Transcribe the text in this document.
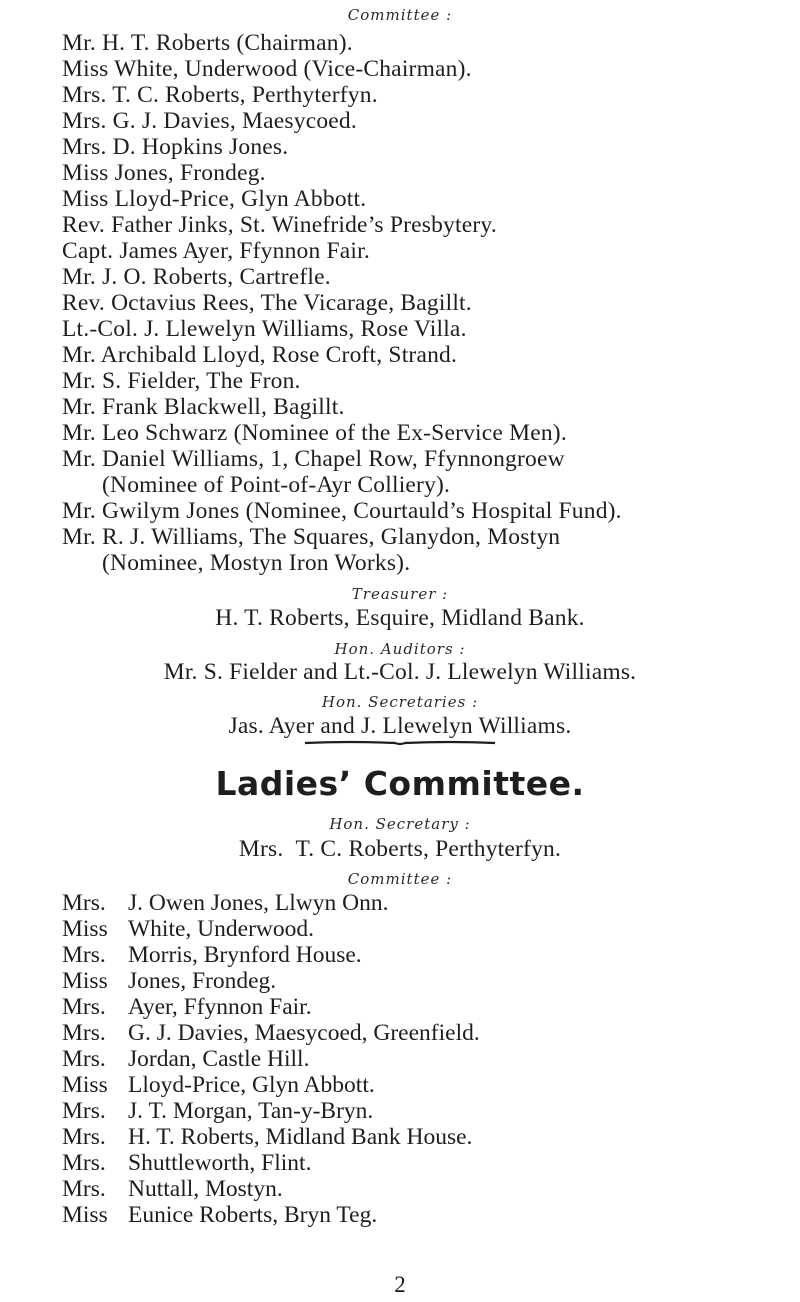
Committee :
Mr. H. T. Roberts (Chairman).
Miss White, Underwood (Vice-Chairman).
Mrs. T. C. Roberts, Perthyterfyn.
Mrs. G. J. Davies, Maesycoed.
Mrs. D. Hopkins Jones.
Miss Jones, Frondeg.
Miss Lloyd-Price, Glyn Abbott.
Rev. Father Jinks, St. Winefride’s Presbytery.
Capt. James Ayer, Ffynnon Fair.
Mr. J. O. Roberts, Cartrefle.
Rev. Octavius Rees, The Vicarage, Bagillt.
Lt.-Col. J. Llewelyn Williams, Rose Villa.
Mr. Archibald Lloyd, Rose Croft, Strand.
Mr. S. Fielder, The Fron.
Mr. Frank Blackwell, Bagillt.
Mr. Leo Schwarz (Nominee of the Ex-Service Men).
Mr. Daniel Williams, 1, Chapel Row, Ffynnongroew
(Nominee of Point-of-Ayr Colliery).
Mr. Gwilym Jones (Nominee, Courtauld’s Hospital Fund).
Mr. R. J. Williams, The Squares, Glanydon, Mostyn
(Nominee, Mostyn Iron Works).
Treasurer :
H. T. Roberts, Esquire, Midland Bank.
Hon. Auditors :
Mr. S. Fielder and Lt.-Col. J. Llewelyn Williams.
Hon. Secretaries :
Jas. Ayer and J. Llewelyn Williams.
Ladies’ Committee.
Hon. Secretary :
Mrs. T. C. Roberts, Perthyterfyn.
Committee :
Mrs. J. Owen Jones, Llwyn Onn.
Miss White, Underwood.
Mrs. Morris, Brynford House.
Miss Jones, Frondeg.
Mrs. Ayer, Ffynnon Fair.
Mrs. G. J. Davies, Maesycoed, Greenfield.
Mrs. Jordan, Castle Hill.
Miss Lloyd-Price, Glyn Abbott.
Mrs. J. T. Morgan, Tan-y-Bryn.
Mrs. H. T. Roberts, Midland Bank House.
Mrs. Shuttleworth, Flint.
Mrs. Nuttall, Mostyn.
Miss Eunice Roberts, Bryn Teg.
2
